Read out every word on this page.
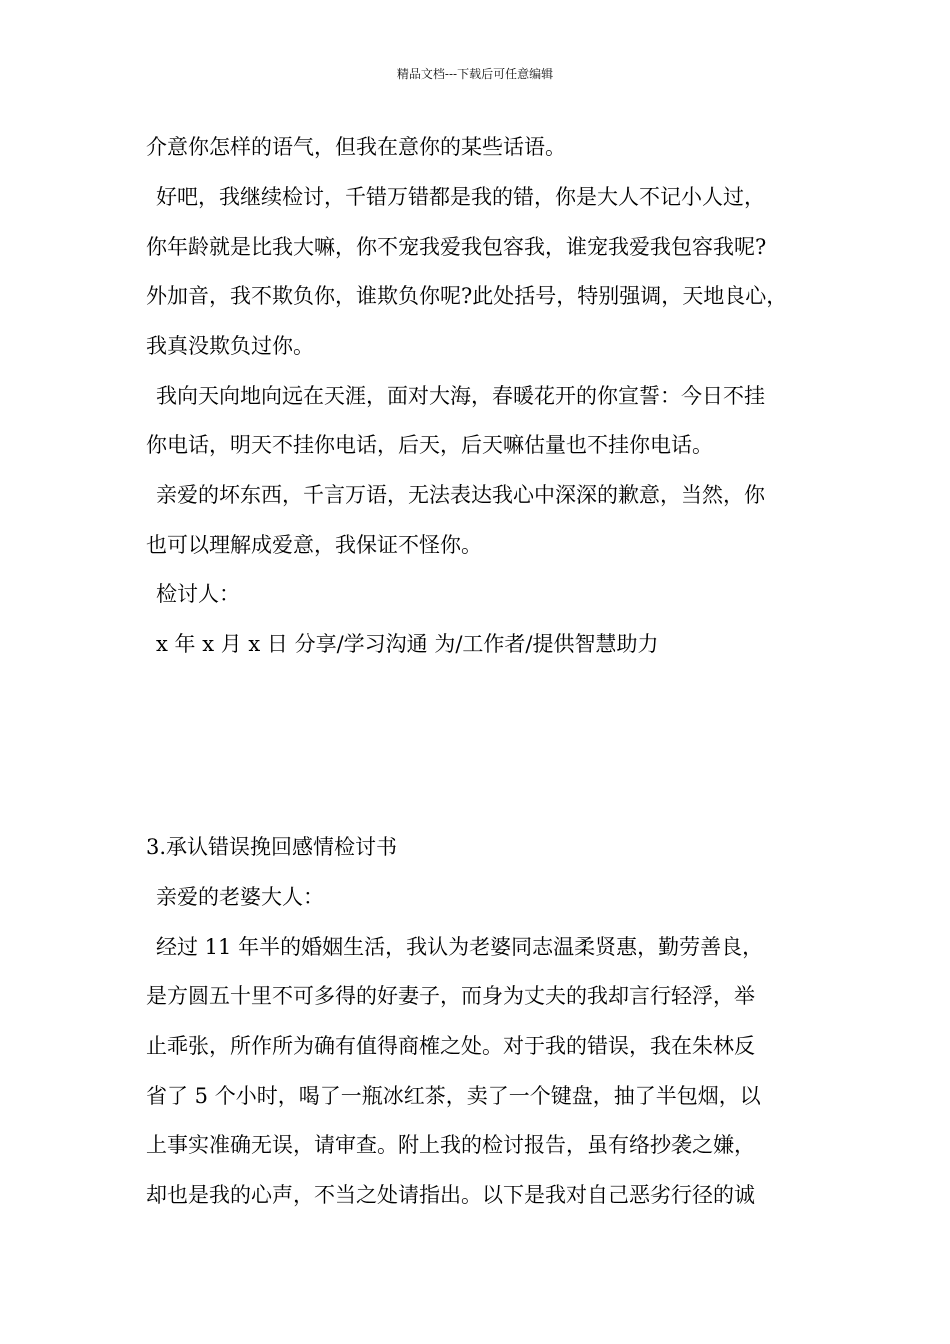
精品文档---下载后可任意编辑
介意你怎样的语气，但我在意你的某些话语。
好吧，我继续检讨，千错万错都是我的错，你是大人不记小人过，
你年龄就是比我大嘛，你不宠我爱我包容我，谁宠我爱我包容我呢?
外加音，我不欺负你，谁欺负你呢?此处括号，特别强调，天地良心，
我真没欺负过你。
我向天向地向远在天涯，面对大海，春暖花开的你宣誓：今日不挂
你电话，明天不挂你电话，后天，后天嘛估量也不挂你电话。
亲爱的坏东西，千言万语，无法表达我心中深深的歉意，当然，你
也可以理解成爱意，我保证不怪你。
检讨人：
x 年 x 月 x 日 分享/学习沟通 为/工作者/提供智慧助力
3.承认错误挽回感情检讨书
亲爱的老婆大人：
经过 11 年半的婚姻生活，我认为老婆同志温柔贤惠，勤劳善良，
是方圆五十里不可多得的好妻子，而身为丈夫的我却言行轻浮，举
止乖张，所作所为确有值得商榷之处。对于我的错误，我在朱林反
省了 5 个小时，喝了一瓶冰红茶，卖了一个键盘，抽了半包烟，以
上事实准确无误，请审查。附上我的检讨报告，虽有络抄袭之嫌，
却也是我的心声，不当之处请指出。以下是我对自己恶劣行径的诚
